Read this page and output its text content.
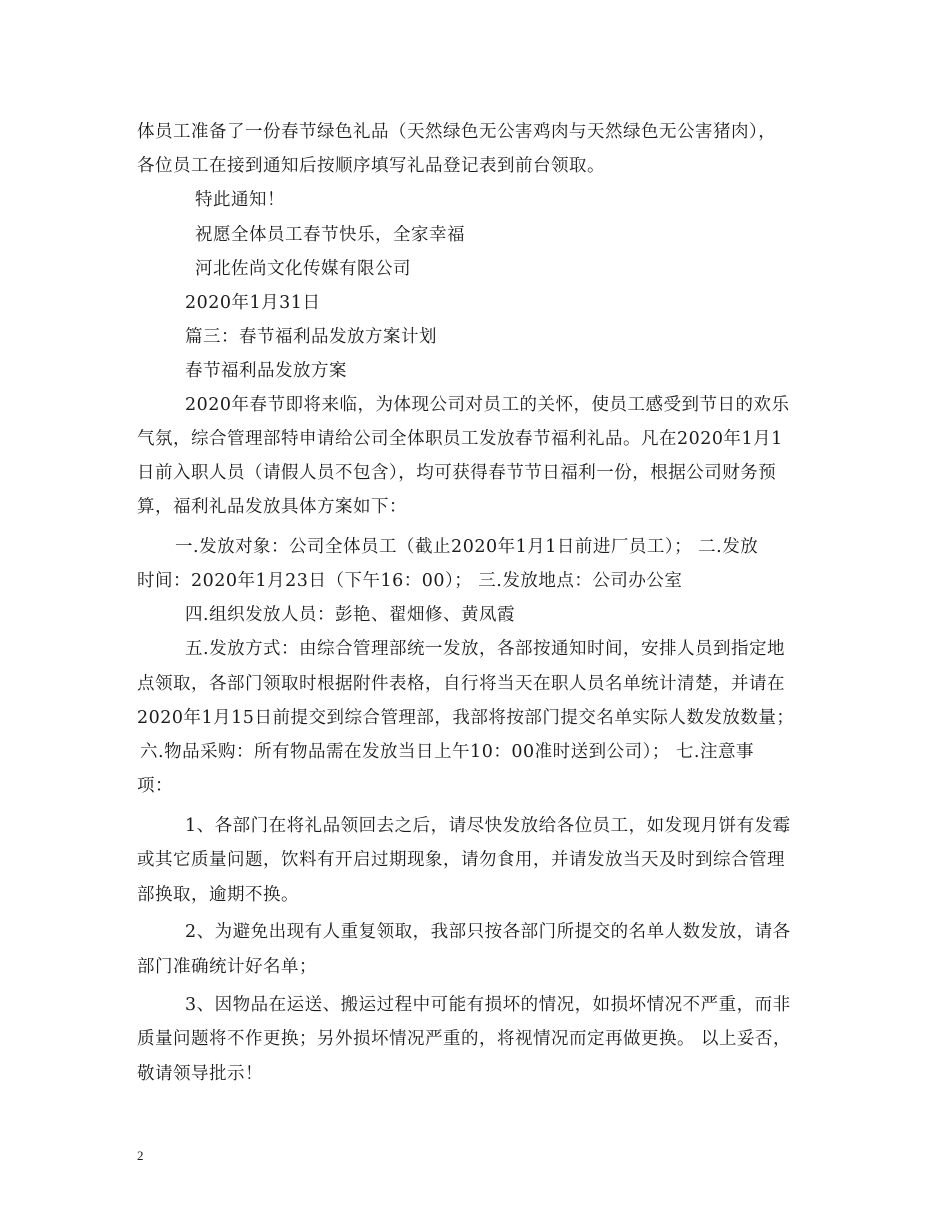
体员工准备了一份春节绿色礼品（天然绿色无公害鸡肉与天然绿色无公害猪肉），
各位员工在接到通知后按顺序填写礼品登记表到前台领取。
特此通知！
祝愿全体员工春节快乐，全家幸福
河北佐尚文化传媒有限公司
2020年1月31日
篇三：春节福利品发放方案计划
春节福利品发放方案
2020年春节即将来临，为体现公司对员工的关怀，使员工感受到节日的欢乐
气氛，综合管理部特申请给公司全体职员工发放春节福利礼品。凡在2020年1月1
日前入职人员（请假人员不包含），均可获得春节节日福利一份，根据公司财务预
算，福利礼品发放具体方案如下：
一.发放对象：公司全体员工（截止2020年1月1日前进厂员工）； 二.发放
时间：2020年1月23日（下午16：00）； 三.发放地点：公司办公室
四.组织发放人员：彭艳、翟畑修、黄凤霞
五.发放方式：由综合管理部统一发放，各部按通知时间，安排人员到指定地
点领取，各部门领取时根据附件表格，自行将当天在职人员名单统计清楚，并请在
2020年1月15日前提交到综合管理部，我部将按部门提交名单实际人数发放数量；
六.物品采购：所有物品需在发放当日上午10：00准时送到公司）； 七.注意事
项：
1、各部门在将礼品领回去之后，请尽快发放给各位员工，如发现月饼有发霉
或其它质量问题，饮料有开启过期现象，请勿食用，并请发放当天及时到综合管理
部换取，逾期不换。
2、为避免出现有人重复领取，我部只按各部门所提交的名单人数发放，请各
部门准确统计好名单；
3、因物品在运送、搬运过程中可能有损坏的情况，如损坏情况不严重，而非
质量问题将不作更换；另外损坏情况严重的，将视情况而定再做更换。 以上妥否，
敬请领导批示！
2
